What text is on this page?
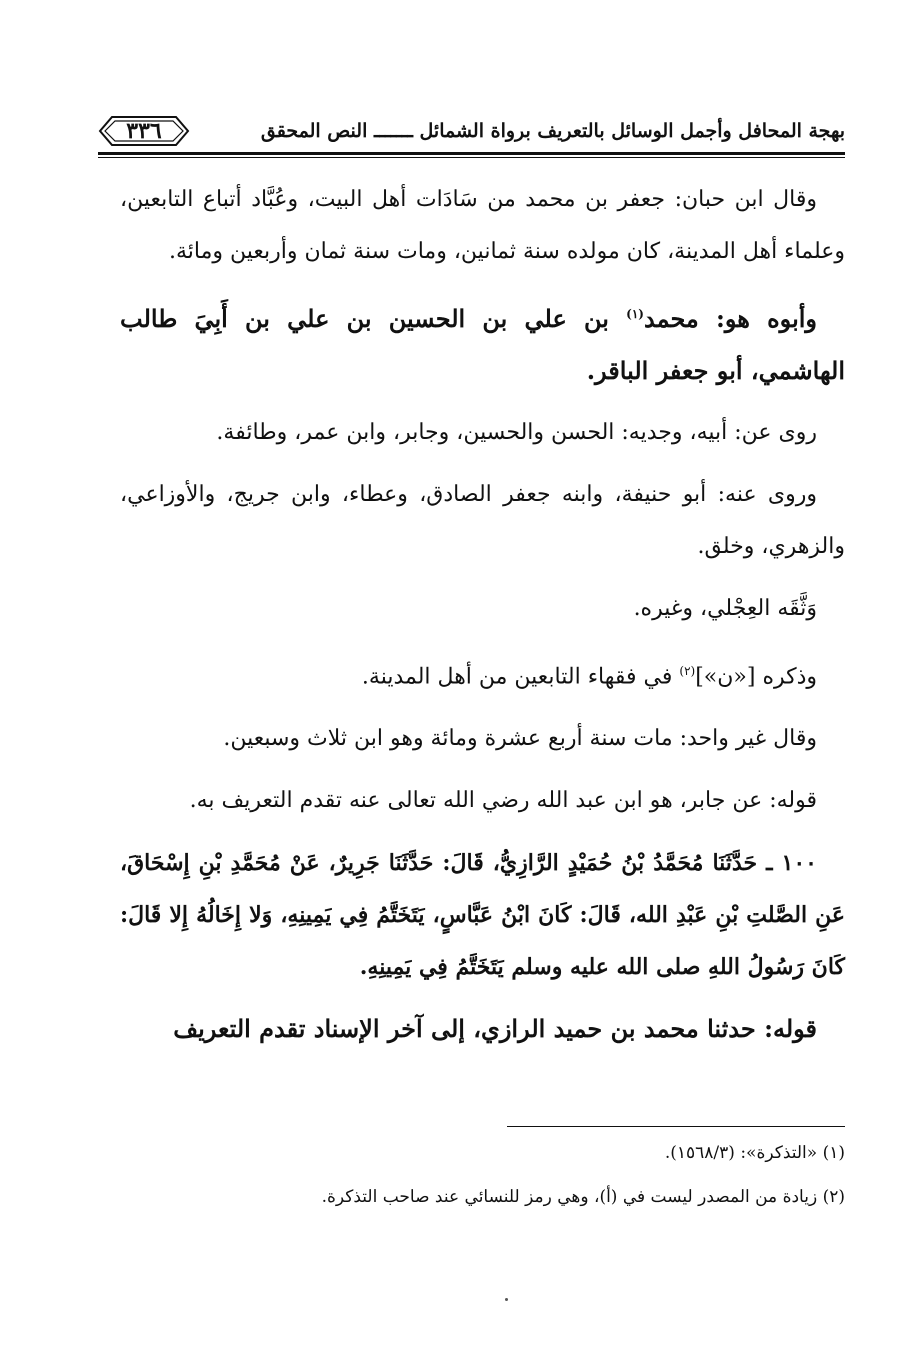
بهجة المحافل وأجمل الوسائل بالتعريف برواة الشمائل ـــــــ النص المحقق
٣٣٦

وقال ابن حبان: جعفر بن محمد من سَادَات أهل البيت، وعُبَّاد أتباع التابعين، وعلماء أهل المدينة، كان مولده سنة ثمانين، ومات سنة ثمان وأربعين ومائة.

وأبوه هو: محمد$^{(١)}$ بن علي بن الحسين بن علي بن أَبِيَ طالب الهاشمي، أبو جعفر الباقر.

روى عن: أبيه، وجديه: الحسن والحسين، وجابر، وابن عمر، وطائفة.

وروى عنه: أبو حنيفة، وابنه جعفر الصادق، وعطاء، وابن جريج، والأوزاعي، والزهري، وخلق.

وَثَّقَه العِجْلي، وغيره.

وذكره [«ن»]$^{(٢)}$ في فقهاء التابعين من أهل المدينة.

وقال غير واحد: مات سنة أربع عشرة ومائة وهو ابن ثلاث وسبعين.

قوله: عن جابر، هو ابن عبد الله رضي الله تعالى عنه تقدم التعريف به.

١٠٠ ـ حَدَّثَنَا مُحَمَّدُ بْنُ حُمَيْدٍ الرَّازِيُّ، قَالَ: حَدَّثَنَا جَرِيرٌ، عَنْ مُحَمَّدِ بْنِ إِسْحَاقَ، عَنِ الصَّلتِ بْنِ عَبْدِ الله، قَالَ: كَانَ ابْنُ عَبَّاسٍ، يَتَخَتَّمُ فِي يَمِينِهِ، وَلا إِخَالُهُ إِلا قَالَ: كَانَ رَسُولُ اللهِ صلى الله عليه وسلم يَتَخَتَّمُ فِي يَمِينِهِ.

قوله: حدثنا محمد بن حميد الرازي، إلى آخر الإسناد تقدم التعريف

(١) «التذكرة»: (١٥٦٨/٣).

(٢) زيادة من المصدر ليست في (أ)، وهي رمز للنسائي عند صاحب التذكرة.
